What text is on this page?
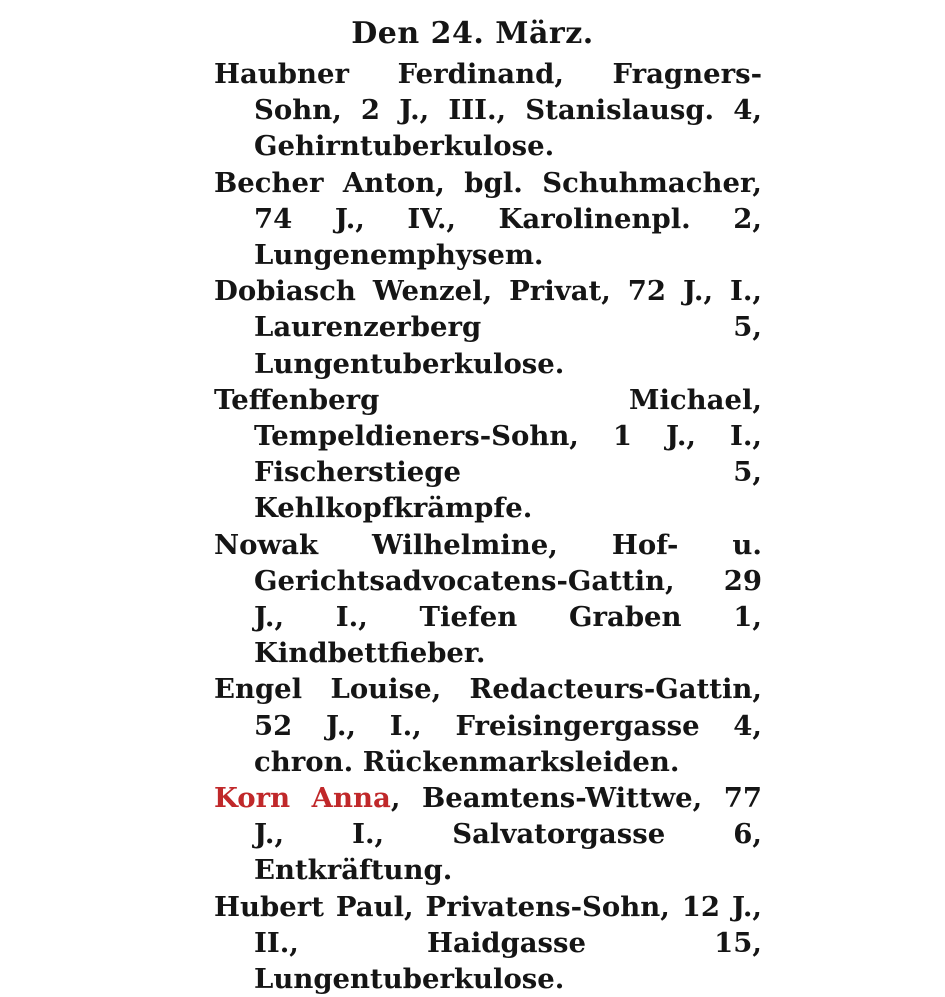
Den 24. März.

Haubner Ferdinand, Fragners-Sohn, 2 J., III., Stanislausg. 4, Gehirntuberkulose.

Becher Anton, bgl. Schuhmacher, 74 J., IV., Karolinenpl. 2, Lungenemphysem.

Dobiasch Wenzel, Privat, 72 J., I., Laurenzerberg 5, Lungentuberkulose.

Teffenberg Michael, Tempeldieners-Sohn, 1 J., I., Fischerstiege 5, Kehlkopfkrämpfe.

Nowak Wilhelmine, Hof- u. Gerichtsadvocatens-Gattin, 29 J., I., Tiefen Graben 1, Kindbettfieber.

Engel Louise, Redacteurs-Gattin, 52 J., I., Freisingergasse 4, chron. Rückenmarksleiden.

Korn Anna, Beamtens-Wittwe, 77 J., I., Salvatorgasse 6, Entkräftung.

Hubert Paul, Privatens-Sohn, 12 J., II., Haidgasse 15, Lungentuberkulose.
